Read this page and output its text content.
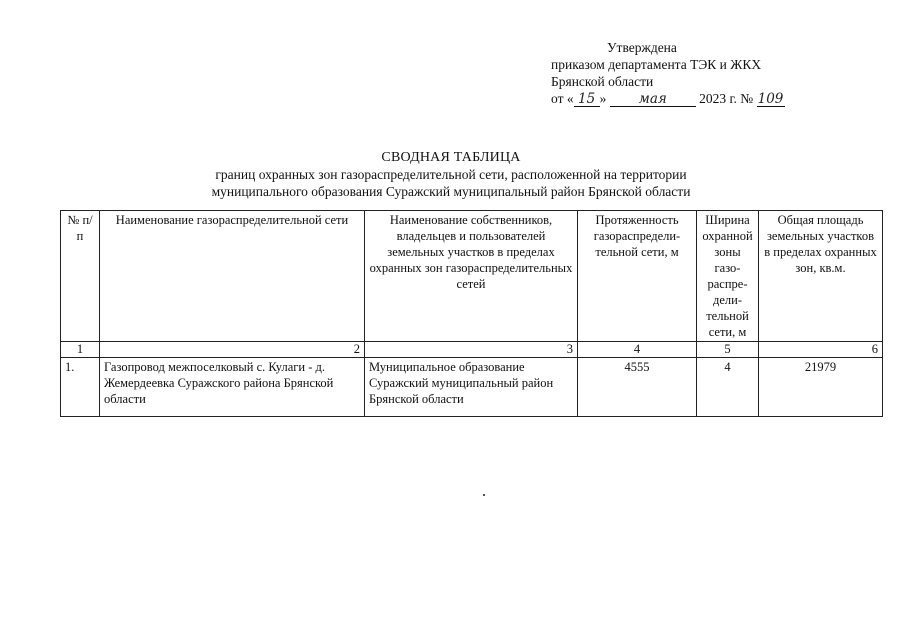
Утверждена
приказом департамента ТЭК и ЖКХ
Брянской области
от « 15 » мая 2023 г. № 109
СВОДНАЯ ТАБЛИЦА
границ охранных зон газораспределительной сети, расположенной на территории
муниципального образования Суражский муниципальный район Брянской области
№ п/п	Наименование газораспределительной сети	Наименование собственников, владельцев и пользователей земельных участков в пределах охранных зон газораспределительных сетей	Протяженность газораспредели-тельной сети, м	Ширина охранной зоны газо-распре-дели-тельной сети, м	Общая площадь земельных участков в пределах охранных зон, кв.м.
1	2	3	4	5	6
1.	Газопровод межпоселковый с. Кулаги - д. Жемердеевка Суражского района Брянской области	Муниципальное образование Суражский муниципальный район Брянской области	4555	4	21979
